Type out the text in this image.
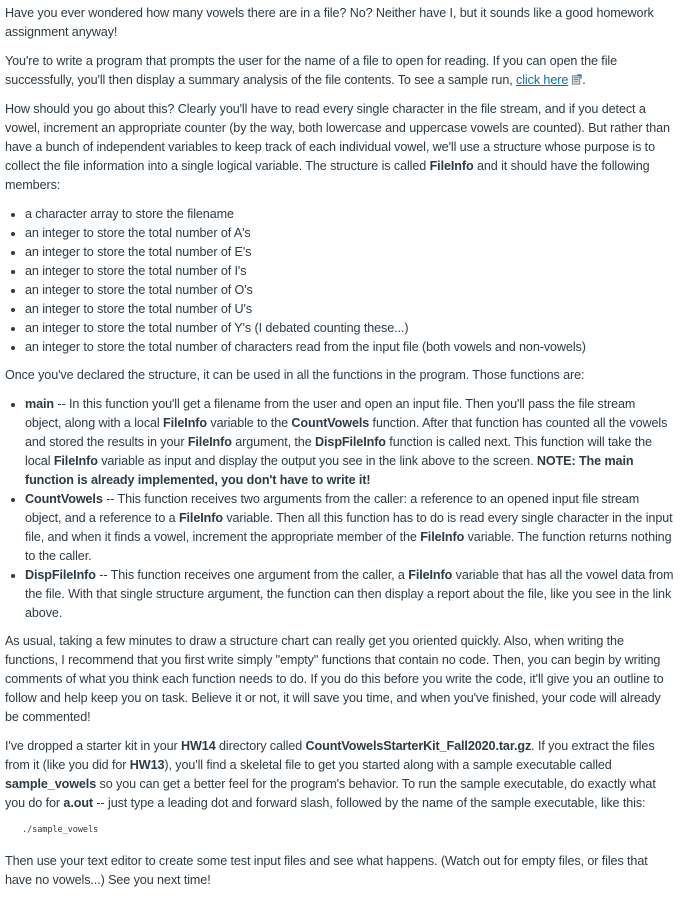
Have you ever wondered how many vowels there are in a file? No? Neither have I, but it sounds like a good homework assignment anyway!

You're to write a program that prompts the user for the name of a file to open for reading. If you can open the file successfully, you'll then display a summary analysis of the file contents. To see a sample run, click here .

How should you go about this? Clearly you'll have to read every single character in the file stream, and if you detect a vowel, increment an appropriate counter (by the way, both lowercase and uppercase vowels are counted). But rather than have a bunch of independent variables to keep track of each individual vowel, we'll use a structure whose purpose is to collect the file information into a single logical variable. The structure is called FileInfo and it should have the following members:

• a character array to store the filename
• an integer to store the total number of A's
• an integer to store the total number of E's
• an integer to store the total number of I's
• an integer to store the total number of O's
• an integer to store the total number of U's
• an integer to store the total number of Y's (I debated counting these...)
• an integer to store the total number of characters read from the input file (both vowels and non-vowels)

Once you've declared the structure, it can be used in all the functions in the program. Those functions are:

• main -- In this function you'll get a filename from the user and open an input file. Then you'll pass the file stream object, along with a local FileInfo variable to the CountVowels function. After that function has counted all the vowels and stored the results in your FileInfo argument, the DispFileInfo function is called next. This function will take the local FileInfo variable as input and display the output you see in the link above to the screen. NOTE: The main function is already implemented, you don't have to write it!
• CountVowels -- This function receives two arguments from the caller: a reference to an opened input file stream object, and a reference to a FileInfo variable. Then all this function has to do is read every single character in the input file, and when it finds a vowel, increment the appropriate member of the FileInfo variable. The function returns nothing to the caller.
• DispFileInfo -- This function receives one argument from the caller, a FileInfo variable that has all the vowel data from the file. With that single structure argument, the function can then display a report about the file, like you see in the link above.

As usual, taking a few minutes to draw a structure chart can really get you oriented quickly. Also, when writing the functions, I recommend that you first write simply "empty" functions that contain no code. Then, you can begin by writing comments of what you think each function needs to do. If you do this before you write the code, it'll give you an outline to follow and help keep you on task. Believe it or not, it will save you time, and when you've finished, your code will already be commented!

I've dropped a starter kit in your HW14 directory called CountVowelsStarterKit_Fall2020.tar.gz. If you extract the files from it (like you did for HW13), you'll find a skeletal file to get you started along with a sample executable called sample_vowels so you can get a better feel for the program's behavior. To run the sample executable, do exactly what you do for a.out -- just type a leading dot and forward slash, followed by the name of the sample executable, like this:

./sample_vowels

Then use your text editor to create some test input files and see what happens. (Watch out for empty files, or files that have no vowels...) See you next time!
